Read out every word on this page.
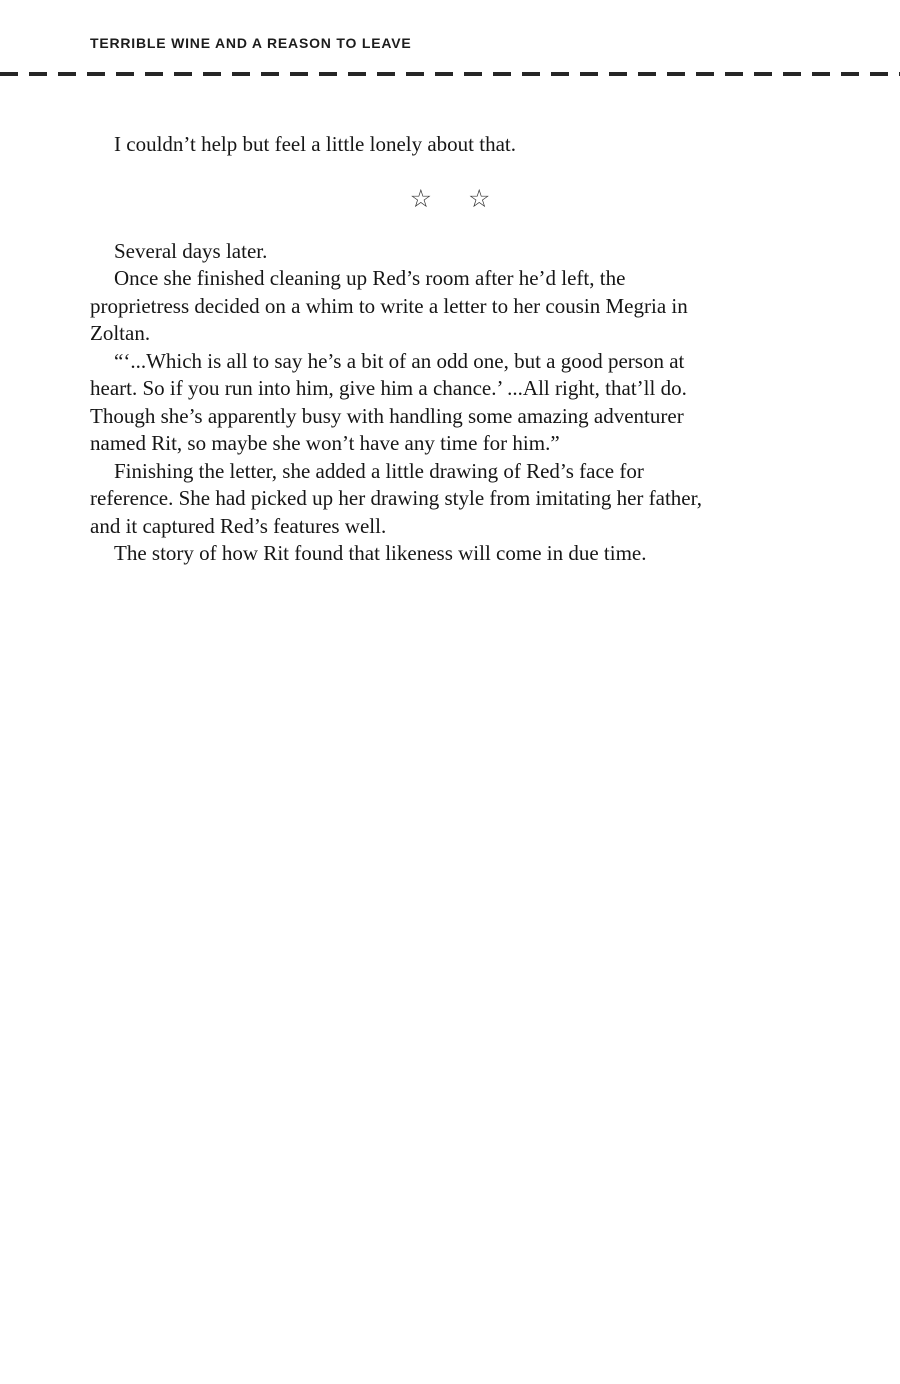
TERRIBLE WINE AND A REASON TO LEAVE

I couldn’t help but feel a little lonely about that.

☆ ☆

Several days later.

Once she finished cleaning up Red’s room after he’d left, the

proprietress decided on a whim to write a letter to her cousin Megria in

Zoltan.

“‘...Which is all to say he’s a bit of an odd one, but a good person at

heart. So if you run into him, give him a chance.’ ...All right, that’ll do.

Though she’s apparently busy with handling some amazing adventurer

named Rit, so maybe she won’t have any time for him.”

Finishing the letter, she added a little drawing of Red’s face for

reference. She had picked up her drawing style from imitating her father,

and it captured Red’s features well.

The story of how Rit found that likeness will come in due time.
